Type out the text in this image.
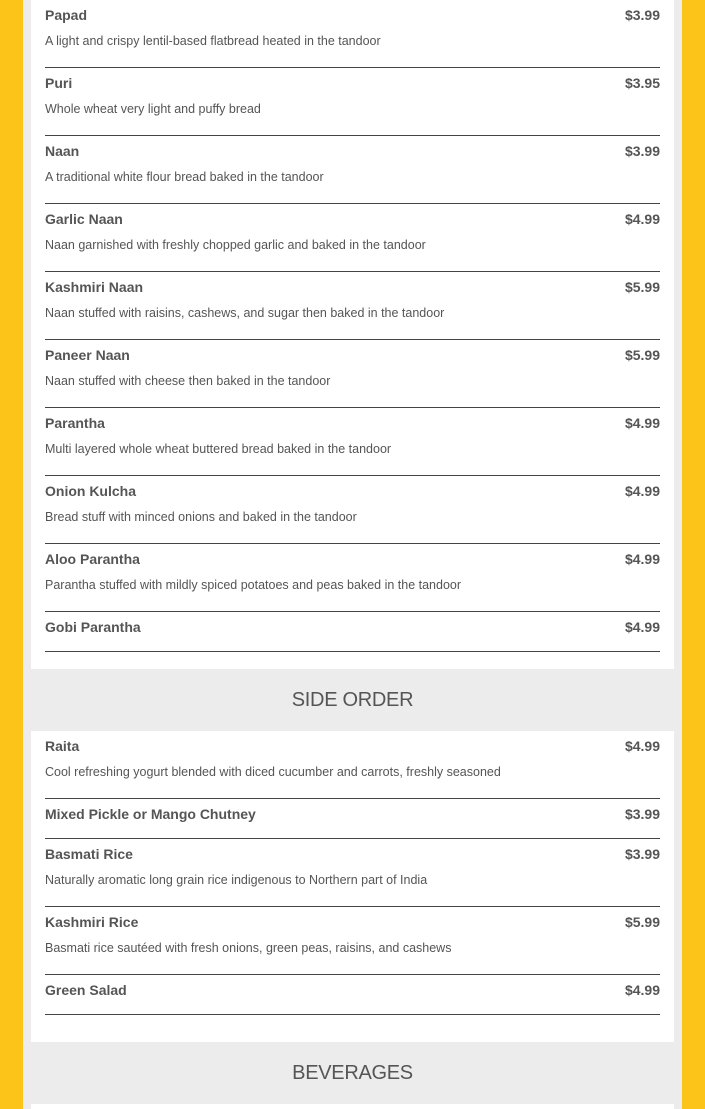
SIDE ORDER
BEVERAGES
Papad	$3.99
A light and crispy lentil-based flatbread heated in the tandoor
Puri	$3.95
Whole wheat very light and puffy bread
Naan	$3.99
A traditional white flour bread baked in the tandoor
Garlic Naan	$4.99
Naan garnished with freshly chopped garlic and baked in the tandoor
Kashmiri Naan	$5.99
Naan stuffed with raisins, cashews, and sugar then baked in the tandoor
Paneer Naan	$5.99
Naan stuffed with cheese then baked in the tandoor
Parantha	$4.99
Multi layered whole wheat buttered bread baked in the tandoor
Onion Kulcha	$4.99
Bread stuff with minced onions and baked in the tandoor
Aloo Parantha	$4.99
Parantha stuffed with mildly spiced potatoes and peas baked in the tandoor
Gobi Parantha	$4.99
Raita	$4.99
Cool refreshing yogurt blended with diced cucumber and carrots, freshly seasoned
Mixed Pickle or Mango Chutney	$3.99
Basmati Rice	$3.99
Naturally aromatic long grain rice indigenous to Northern part of India
Kashmiri Rice	$5.99
Basmati rice sautéed with fresh onions, green peas, raisins, and cashews
Green Salad	$4.99
